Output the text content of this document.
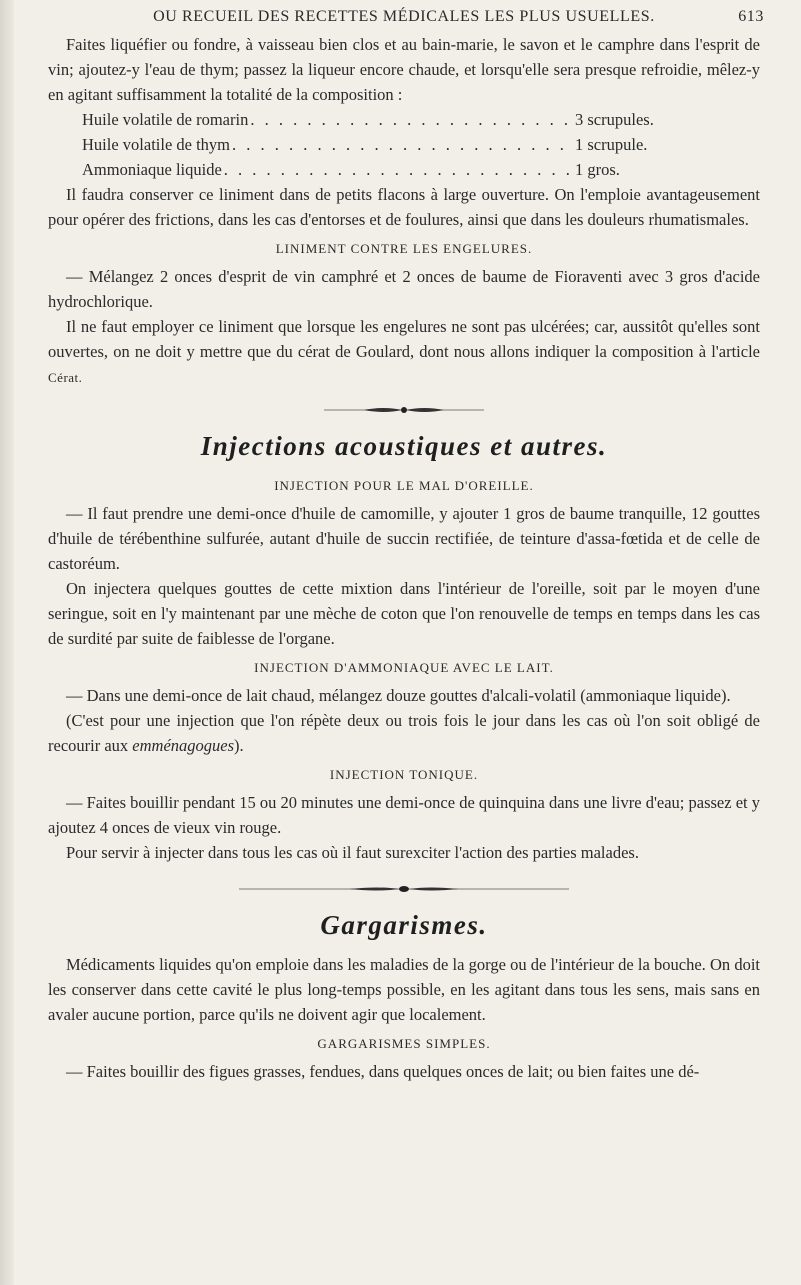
OU RECUEIL DES RECETTES MÉDICALES LES PLUS USUELLES.	613

Faites liquéfier ou fondre, à vaisseau bien clos et au bain-marie, le savon et le camphre dans l'esprit de vin; ajoutez-y l'eau de thym; passez la liqueur encore chaude, et lorsqu'elle sera presque refroidie, mêlez-y en agitant suffisamment la totalité de la composition :

Huile volatile de romarin . . .	3 scrupules.
Huile volatile de thym . . .	1 scrupule.
Ammoniaque liquide . . .	1 gros.

Il faudra conserver ce liniment dans de petits flacons à large ouverture. On l'emploie avantageusement pour opérer des frictions, dans les cas d'entorses et de foulures, ainsi que dans les douleurs rhumatismales.

LINIMENT CONTRE LES ENGELURES.

— Mélangez 2 onces d'esprit de vin camphré et 2 onces de baume de Fioraventi avec 3 gros d'acide hydrochlorique.

Il ne faut employer ce liniment que lorsque les engelures ne sont pas ulcérées; car, aussitôt qu'elles sont ouvertes, on ne doit y mettre que du cérat de Goulard, dont nous allons indiquer la composition à l'article Cérat.

Injections acoustiques et autres.
INJECTION POUR LE MAL D'OREILLE.

— Il faut prendre une demi-once d'huile de camomille, y ajouter 1 gros de baume tranquille, 12 gouttes d'huile de térébenthine sulfurée, autant d'huile de succin rectifiée, de teinture d'assa-fœtida et de celle de castoréum.

On injectera quelques gouttes de cette mixtion dans l'intérieur de l'oreille, soit par le moyen d'une seringue, soit en l'y maintenant par une mèche de coton que l'on renouvelle de temps en temps dans les cas de surdité par suite de faiblesse de l'organe.

INJECTION D'AMMONIAQUE AVEC LE LAIT.

— Dans une demi-once de lait chaud, mélangez douze gouttes d'alcali-volatil (ammoniaque liquide).

(C'est pour une injection que l'on répète deux ou trois fois le jour dans les cas où l'on soit obligé de recourir aux emménagogues).

INJECTION TONIQUE.

— Faites bouillir pendant 15 ou 20 minutes une demi-once de quinquina dans une livre d'eau; passez et y ajoutez 4 onces de vieux vin rouge.

Pour servir à injecter dans tous les cas où il faut surexciter l'action des parties malades.

Gargarismes.

Médicaments liquides qu'on emploie dans les maladies de la gorge ou de l'intérieur de la bouche. On doit les conserver dans cette cavité le plus long-temps possible, en les agitant dans tous les sens, mais sans en avaler aucune portion, parce qu'ils ne doivent agir que localement.

GARGARISMES SIMPLES.

— Faites bouillir des figues grasses, fendues, dans quelques onces de lait; ou bien faites une dé-
